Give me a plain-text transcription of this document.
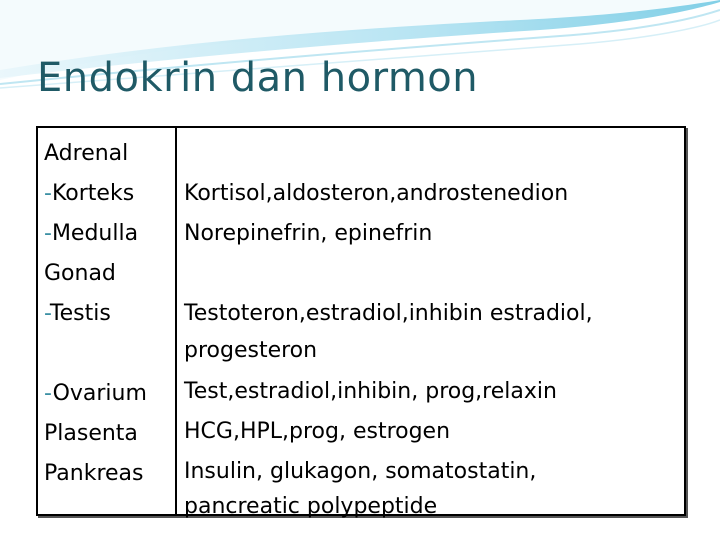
Endokrin dan hormon
Adrenal
-Korteks
-Medulla
Gonad
-Testis
-Ovarium
Plasenta
Pankreas
Kortisol,aldosteron,androstenedion
Norepinefrin, epinefrin
Testoteron,estradiol,inhibin estradiol,
progesteron
Test,estradiol,inhibin, prog,relaxin
HCG,HPL,prog, estrogen
Insulin, glukagon, somatostatin,
pancreatic polypeptide
